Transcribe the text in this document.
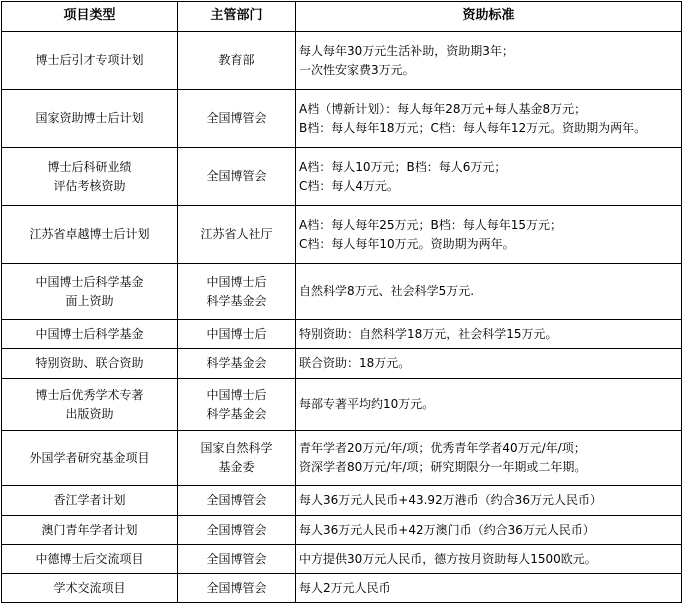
项目类型	主管部门	资助标准

博士后引才专项计划	教育部	每人每年30万元生活补助，资助期3年；
一次性安家费3万元。

国家资助博士后计划	全国博管会	A档（博新计划）：每人每年28万元+每人基金8万元；
B档：每人每年18万元；C档：每人每年12万元。资助期为两年。

博士后科研业绩
评估考核资助	全国博管会	A档：每人10万元；B档：每人6万元；
C档：每人4万元。

江苏省卓越博士后计划	江苏省人社厅	A档：每人每年25万元；B档：每人每年15万元；
C档：每人每年10万元。资助期为两年。

中国博士后科学基金
面上资助	中国博士后
科学基金会	自然科学8万元、社会科学5万元.

中国博士后科学基金	中国博士后	特别资助：自然科学18万元，社会科学15万元。

特别资助、联合资助	科学基金会	联合资助：18万元。

博士后优秀学术专著
出版资助	中国博士后
科学基金会	每部专著平均约10万元。

外国学者研究基金项目	国家自然科学
基金委	青年学者20万元/年/项；优秀青年学者40万元/年/项；
资深学者80万元/年/项；研究期限分一年期或二年期。

香江学者计划	全国博管会	每人36万元人民币+43.92万港币（约合36万元人民币）

澳门青年学者计划	全国博管会	每人36万元人民币+42万澳门币（约合36万元人民币）

中德博士后交流项目	全国博管会	中方提供30万元人民币，德方按月资助每人1500欧元。

学术交流项目	全国博管会	每人2万元人民币
